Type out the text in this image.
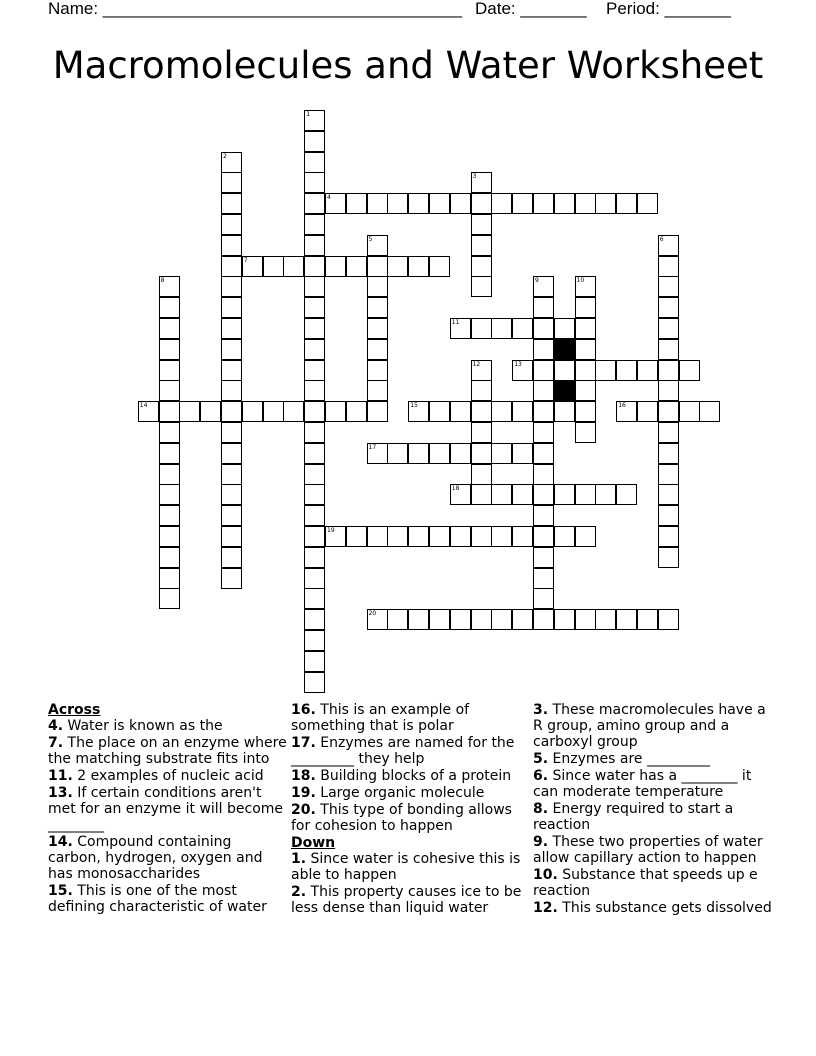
Name: ______________________________________ Date: _______ Period: _______
Macromolecules and Water Worksheet
4
7
11
13
14	15	16
17
18
19
20
1
2
3
5	6
8	9	10
12
Across
4. Water is known as the
7. The place on an enzyme where the matching substrate fits into
11. 2 examples of nucleic acid
13. If certain conditions aren't met for an enzyme it will become ________
14. Compound containing carbon, hydrogen, oxygen and has monosaccharides
15. This is one of the most defining characteristic of water
16. This is an example of something that is polar
17. Enzymes are named for the _________ they help
18. Building blocks of a protein
19. Large organic molecule
20. This type of bonding allows for cohesion to happen
Down
1. Since water is cohesive this is able to happen
2. This property causes ice to be less dense than liquid water
3. These macromolecules have a R group, amino group and a carboxyl group
5. Enzymes are _________
6. Since water has a ________ it can moderate temperature
8. Energy required to start a reaction
9. These two properties of water allow capillary action to happen
10. Substance that speeds up e reaction
12. This substance gets dissolved
